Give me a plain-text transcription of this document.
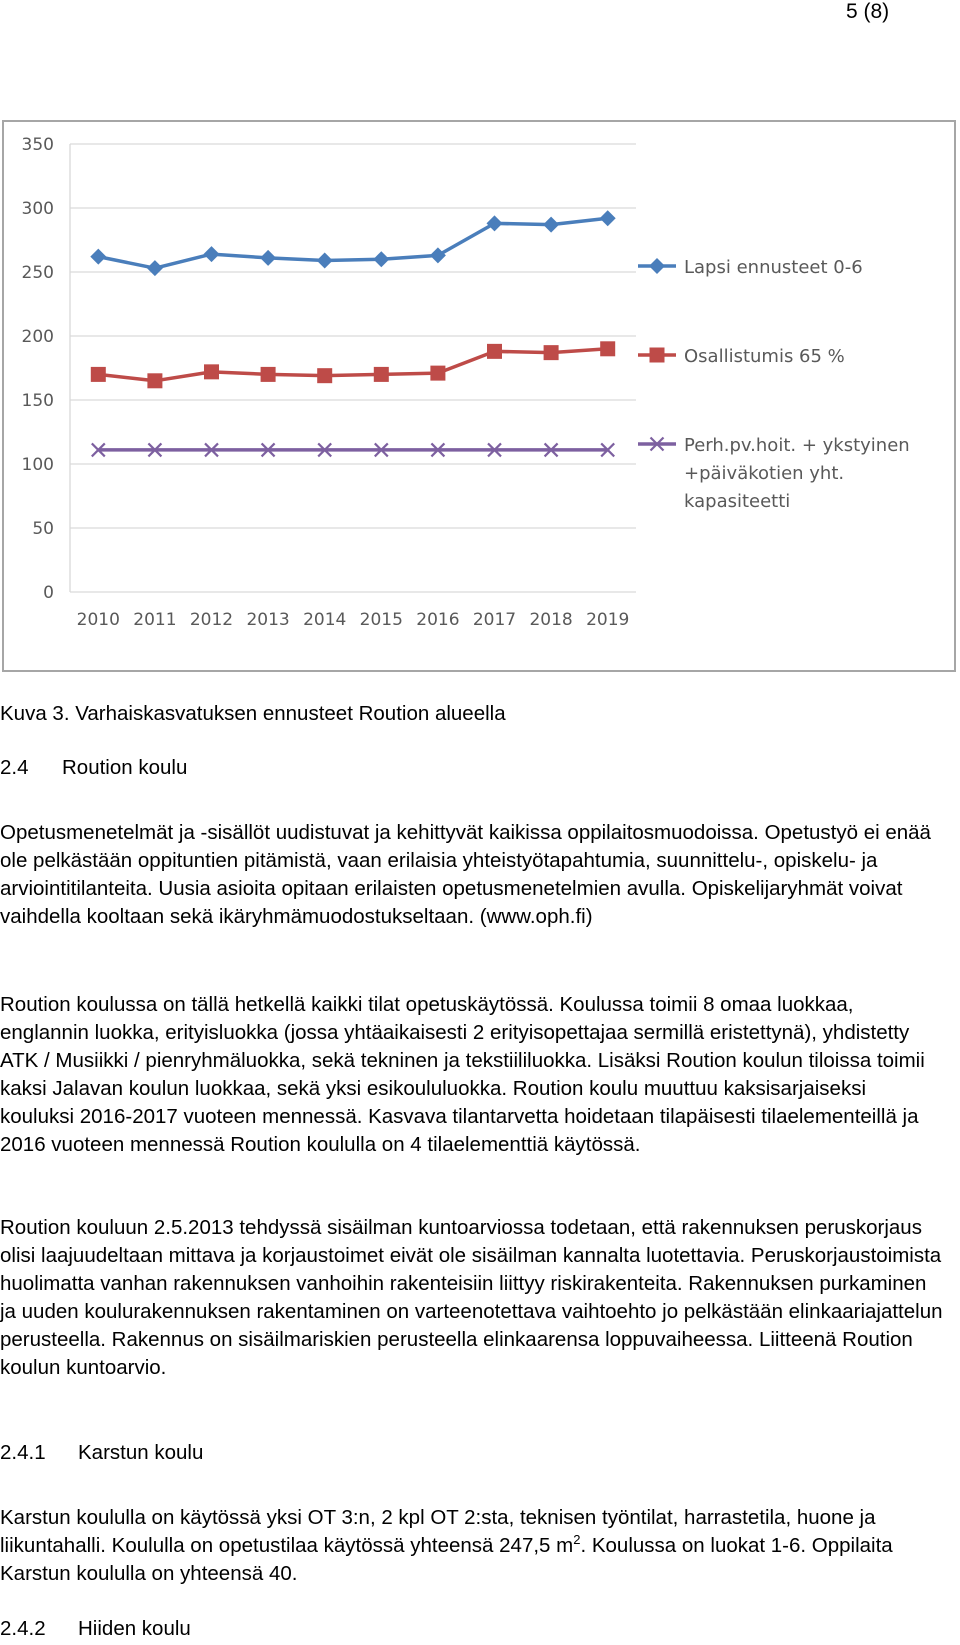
5 (8)
0
50
100
150
200
250
300
350
2010 2011 2012 2013 2014 2015 2016 2017 2018 2019
Lapsi ennusteet 0-6
Osallistumis 65 %
Perh.pv.hoit. + ykstyinen
+päiväkotien yht.
kapasiteetti
Kuva 3. Varhaiskasvatuksen ennusteet Roution alueella
2.4 Roution koulu

Opetusmenetelmät ja -sisällöt uudistuvat ja kehittyvät kaikissa oppilaitosmuodoissa. Opetustyö ei enää ole pelkästään oppituntien pitämistä, vaan erilaisia yhteistyötapahtumia, suunnittelu-, opiskelu- ja arviointitilanteita. Uusia asioita opitaan erilaisten opetusmenetelmien avulla. Opiskelijaryhmät voivat vaihdella kooltaan sekä ikäryhmämuodostukseltaan. (www.oph.fi)

Roution koulussa on tällä hetkellä kaikki tilat opetuskäytössä. Koulussa toimii 8 omaa luokkaa, englannin luokka, erityisluokka (jossa yhtäaikaisesti 2 erityisopettajaa sermillä eristettynä), yhdistetty ATK / Musiikki / pienryhmäluokka, sekä tekninen ja tekstiililuokka. Lisäksi Roution koulun tiloissa toimii kaksi Jalavan koulun luokkaa, sekä yksi esikoululuokka. Roution koulu muuttuu kaksisarjaiseksi kouluksi 2016-2017 vuoteen mennessä. Kasvava tilantarvetta hoidetaan tilapäisesti tilaelementeillä ja 2016 vuoteen mennessä Roution koululla on 4 tilaelementtiä käytössä.

Roution kouluun 2.5.2013 tehdyssä sisäilman kuntoarviossa todetaan, että rakennuksen peruskorjaus olisi laajuudeltaan mittava ja korjaustoimet eivät ole sisäilman kannalta luotettavia. Peruskorjaustoimista huolimatta vanhan rakennuksen vanhoihin rakenteisiin liittyy riskirakenteita. Rakennuksen purkaminen ja uuden koulurakennuksen rakentaminen on varteenotettava vaihtoehto jo pelkästään elinkaariajattelun perusteella. Rakennus on sisäilmariskien perusteella elinkaarensa loppuvaiheessa. Liitteenä Roution koulun kuntoarvio.

2.4.1 Karstun koulu

Karstun koululla on käytössä yksi OT 3:n, 2 kpl OT 2:sta, teknisen työntilat, harrastetila, huone ja liikuntahalli. Koululla on opetustilaa käytössä yhteensä 247,5 $m^2$. Koulussa on luokat 1-6. Oppilaita Karstun koululla on yhteensä 40.

2.4.2 Hiiden koulu
